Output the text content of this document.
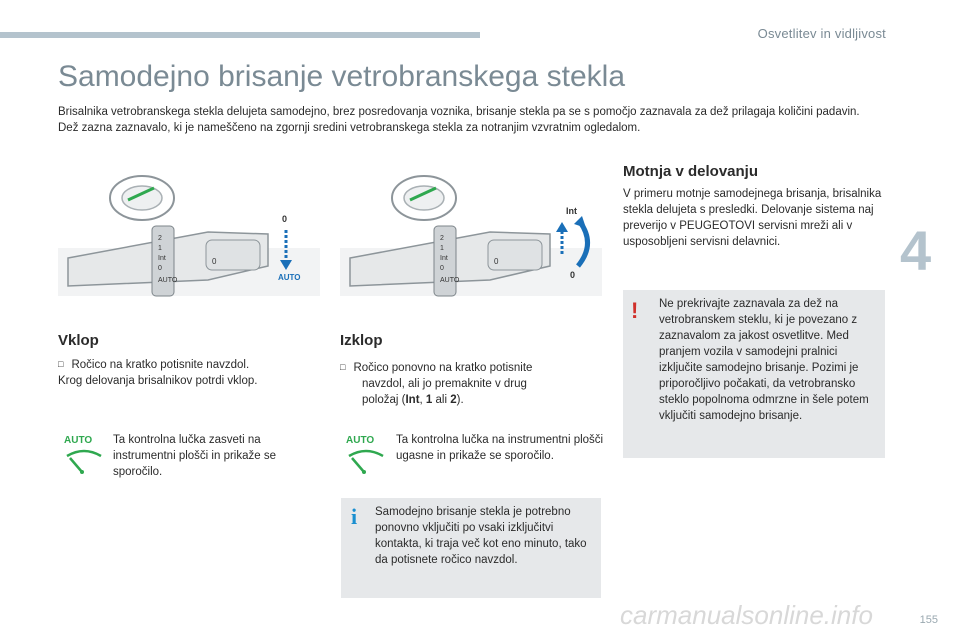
Osvetlitev in vidljivost
4
Samodejno brisanje vetrobranskega stekla

Brisalnika vetrobranskega stekla delujeta samodejno, brez posredovanja voznika, brisanje stekla pa se s pomočjo zaznavala za dež prilagaja količini padavin.

Dež zazna zaznavalo, ki je nameščeno na zgornji sredini vetrobranskega stekla za notranjim vzvratnim ogledalom.

2
1
Int
0
AUTO
0
0
AUTO
2
1
Int
0
AUTO
0
Int
0
Vklop

□ Ročico na kratko potisnite navzdol.

Krog delovanja brisalnikov potrdi vklop.

Izklop

□ Ročico ponovno na kratko potisnite navzdol, ali jo premaknite v drug položaj (Int, 1 ali 2).

AUTO Ta kontrolna lučka zasveti na instrumentni plošči in prikaže se sporočilo.

AUTO Ta kontrolna lučka na instrumentni plošči ugasne in prikaže se sporočilo.

i Samodejno brisanje stekla je potrebno ponovno vključiti po vsaki izključitvi kontakta, ki traja več kot eno minuto, tako da potisnete ročico navzdol.

Motnja v delovanju

V primeru motnje samodejnega brisanja, brisalnika stekla delujeta s presledki. Delovanje sistema naj preverijo v PEUGEOTOVI servisni mreži ali v usposobljeni servisni delavnici.

! Ne prekrivajte zaznavala za dež na vetrobranskem steklu, ki je povezano z zaznavalom za jakost osvetlitve. Med pranjem vozila v samodejni pralnici izključite samodejno brisanje. Pozimi je priporočljivo počakati, da vetrobransko steklo popolnoma odmrzne in šele potem vključiti samodejno brisanje.

carmanualsonline.info	155
